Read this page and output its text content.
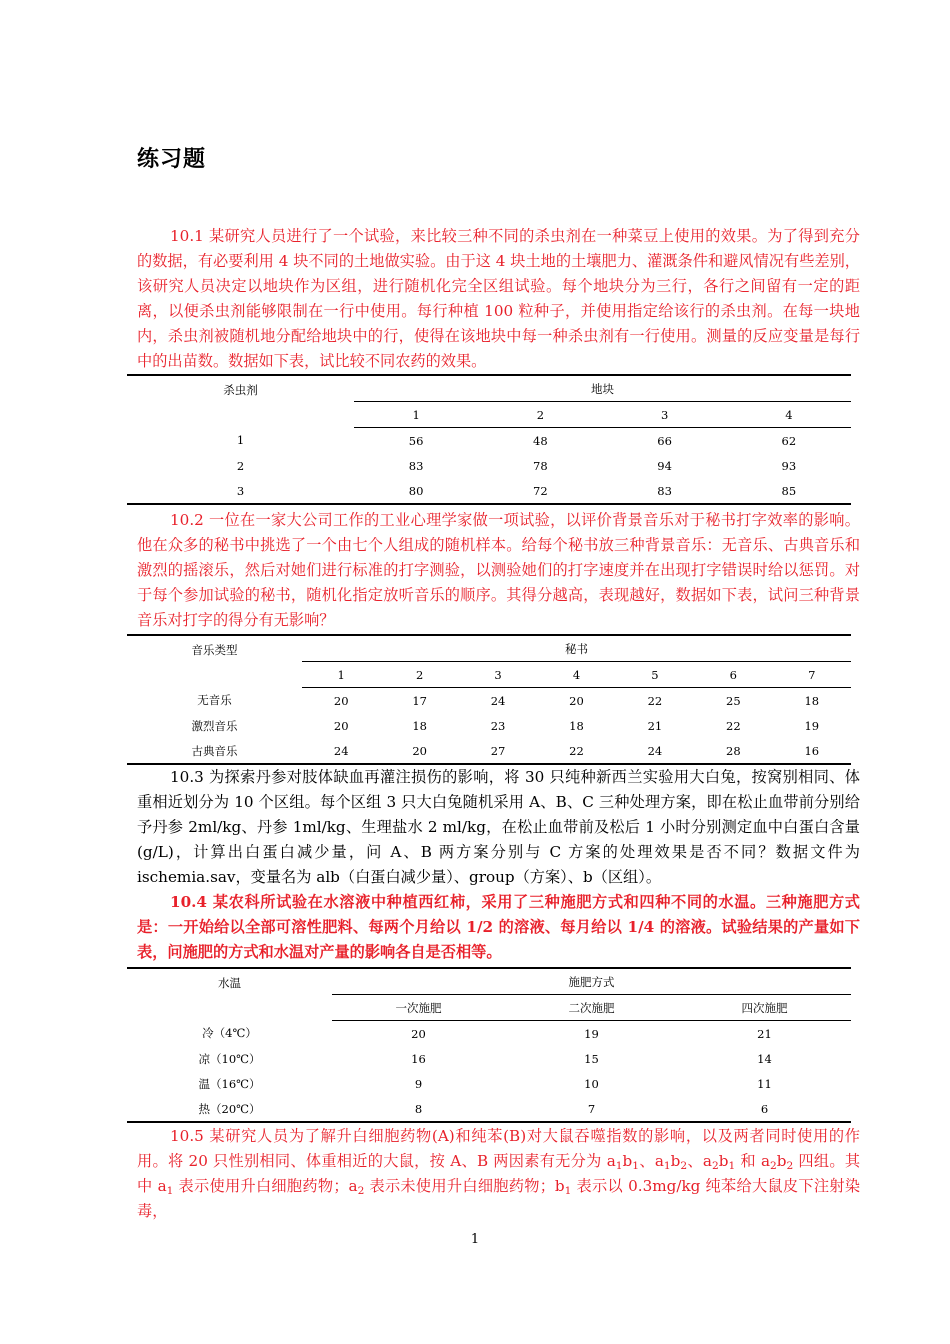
练习题

10.1 某研究人员进行了一个试验，来比较三种不同的杀虫剂在一种菜豆上使用的效果。为了得到充分的数据，有必要利用 4 块不同的土地做实验。由于这 4 块土地的土壤肥力、灌溉条件和避风情况有些差别，该研究人员决定以地块作为区组，进行随机化完全区组试验。每个地块分为三行，各行之间留有一定的距离，以便杀虫剂能够限制在一行中使用。每行种植 100 粒种子，并使用指定给该行的杀虫剂。在每一块地内，杀虫剂被随机地分配给地块中的行，使得在该地块中每一种杀虫剂有一行使用。测量的反应变量是每行中的出苗数。数据如下表，试比较不同农药的效果。

杀虫剂	地块			
	1	2	3	4
1	56	48	66	62
2	83	78	94	93
3	80	72	83	85

10.2 一位在一家大公司工作的工业心理学家做一项试验，以评价背景音乐对于秘书打字效率的影响。他在众多的秘书中挑选了一个由七个人组成的随机样本。给每个秘书放三种背景音乐：无音乐、古典音乐和激烈的摇滚乐，然后对她们进行标准的打字测验，以测验她们的打字速度并在出现打字错误时给以惩罚。对于每个参加试验的秘书，随机化指定放听音乐的顺序。其得分越高，表现越好，数据如下表，试问三种背景音乐对打字的得分有无影响？

音乐类型	秘书						
	1	2	3	4	5	6	7
无音乐	20	17	24	20	22	25	18
激烈音乐	20	18	23	18	21	22	19
古典音乐	24	20	27	22	24	28	16

10.3 为探索丹参对肢体缺血再灌注损伤的影响，将 30 只纯种新西兰实验用大白兔，按窝别相同、体重相近划分为 10 个区组。每个区组 3 只大白兔随机采用 A、B、C 三种处理方案，即在松止血带前分别给予丹参 2ml/kg、丹参 1ml/kg、生理盐水 2 ml/kg，在松止血带前及松后 1 小时分别测定血中白蛋白含量(g/L)，计算出白蛋白减少量，问 A、B 两方案分别与 C 方案的处理效果是否不同？数据文件为 ischemia.sav，变量名为 alb（白蛋白减少量）、group（方案）、b（区组）。

10.4 某农科所试验在水溶液中种植西红柿，采用了三种施肥方式和四种不同的水温。三种施肥方式是：一开始给以全部可溶性肥料、每两个月给以 1/2 的溶液、每月给以 1/4 的溶液。试验结果的产量如下表，问施肥的方式和水温对产量的影响各自是否相等。

水温	施肥方式		
	一次施肥	二次施肥	四次施肥
冷（4℃）	20	19	21
凉（10℃）	16	15	14
温（16℃）	9	10	11
热（20℃）	8	7	6

10.5 某研究人员为了解升白细胞药物(A)和纯苯(B)对大鼠吞噬指数的影响，以及两者同时使用的作用。将 20 只性别相同、体重相近的大鼠，按 A、B 两因素有无分为 $a_1b_1$、$a_1b_2$、$a_2b_1$ 和 $a_2b_2$ 四组。其中 $a_1$ 表示使用升白细胞药物；$a_2$ 表示未使用升白细胞药物；$b_1$ 表示以 0.3mg/kg 纯苯给大鼠皮下注射染毒，

1
